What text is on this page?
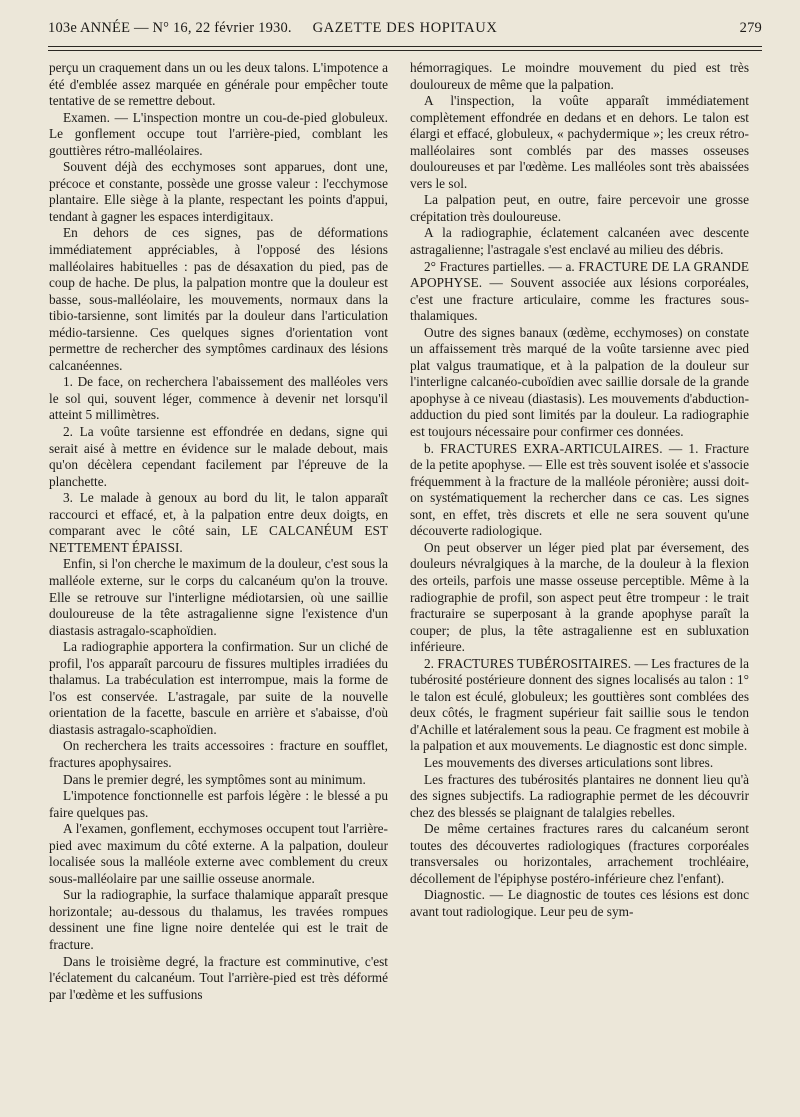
103e ANNÉE — N° 16, 22 février 1930.	GAZETTE DES HOPITAUX	279

perçu un craquement dans un ou les deux talons. L'impotence a été d'emblée assez marquée en générale pour empêcher toute tentative de se remettre debout.

Examen. — L'inspection montre un cou-de-pied globuleux. Le gonflement occupe tout l'arrière-pied, comblant les gouttières rétro-malléolaires.

Souvent déjà des ecchymoses sont apparues, dont une, précoce et constante, possède une grosse valeur : l'ecchymose plantaire. Elle siège à la plante, respectant les points d'appui, tendant à gagner les espaces interdigitaux.

En dehors de ces signes, pas de déformations immédiatement appréciables, à l'opposé des lésions malléolaires habituelles : pas de désaxation du pied, pas de coup de hache. De plus, la palpation montre que la douleur est basse, sous-malléolaire, les mouvements, normaux dans la tibio-tarsienne, sont limités par la douleur dans l'articulation médio-tarsienne. Ces quelques signes d'orientation vont permettre de rechercher des symptômes cardinaux des lésions calcanéennes.

1. De face, on recherchera l'abaissement des malléoles vers le sol qui, souvent léger, commence à devenir net lorsqu'il atteint 5 millimètres.

2. La voûte tarsienne est effondrée en dedans, signe qui serait aisé à mettre en évidence sur le malade debout, mais qu'on décèlera cependant facilement par l'épreuve de la planchette.

3. Le malade à genoux au bord du lit, le talon apparaît raccourci et effacé, et, à la palpation entre deux doigts, en comparant avec le côté sain, LE CALCANÉUM EST NETTEMENT ÉPAISSI.

Enfin, si l'on cherche le maximum de la douleur, c'est sous la malléole externe, sur le corps du calcanéum qu'on la trouve. Elle se retrouve sur l'interligne médiotarsien, où une saillie douloureuse de la tête astragalienne signe l'existence d'un diastasis astragalo-scaphoïdien.

La radiographie apportera la confirmation. Sur un cliché de profil, l'os apparaît parcouru de fissures multiples irradiées du thalamus. La trabéculation est interrompue, mais la forme de l'os est conservée. L'astragale, par suite de la nouvelle orientation de la facette, bascule en arrière et s'abaisse, d'où diastasis astragalo-scaphoïdien.

On recherchera les traits accessoires : fracture en soufflet, fractures apophysaires.

Dans le premier degré, les symptômes sont au minimum.

L'impotence fonctionnelle est parfois légère : le blessé a pu faire quelques pas.

A l'examen, gonflement, ecchymoses occupent tout l'arrière-pied avec maximum du côté externe. A la palpation, douleur localisée sous la malléole externe avec comblement du creux sous-malléolaire par une saillie osseuse anormale.

Sur la radiographie, la surface thalamique apparaît presque horizontale; au-dessous du thalamus, les travées rompues dessinent une fine ligne noire dentelée qui est le trait de fracture.

Dans le troisième degré, la fracture est comminutive, c'est l'éclatement du calcanéum. Tout l'arrière-pied est très déformé par l'œdème et les suffusions

hémorragiques. Le moindre mouvement du pied est très douloureux de même que la palpation.

A l'inspection, la voûte apparaît immédiatement complètement effondrée en dedans et en dehors. Le talon est élargi et effacé, globuleux, « pachydermique »; les creux rétro-malléolaires sont comblés par des masses osseuses douloureuses et par l'œdème. Les malléoles sont très abaissées vers le sol.

La palpation peut, en outre, faire percevoir une grosse crépitation très douloureuse.

A la radiographie, éclatement calcanéen avec descente astragalienne; l'astragale s'est enclavé au milieu des débris.

2° Fractures partielles. — a. FRACTURE DE LA GRANDE APOPHYSE. — Souvent associée aux lésions corporéales, c'est une fracture articulaire, comme les fractures sous-thalamiques.

Outre des signes banaux (œdème, ecchymoses) on constate un affaissement très marqué de la voûte tarsienne avec pied plat valgus traumatique, et à la palpation de la douleur sur l'interligne calcanéo-cuboïdien avec saillie dorsale de la grande apophyse à ce niveau (diastasis). Les mouvements d'abduction-adduction du pied sont limités par la douleur. La radiographie est toujours nécessaire pour confirmer ces données.

b. FRACTURES EXRA-ARTICULAIRES. — 1. Fracture de la petite apophyse. — Elle est très souvent isolée et s'associe fréquemment à la fracture de la malléole péronière; aussi doit-on systématiquement la rechercher dans ce cas. Les signes sont, en effet, très discrets et elle ne sera souvent qu'une découverte radiologique.

On peut observer un léger pied plat par éversement, des douleurs névralgiques à la marche, de la douleur à la flexion des orteils, parfois une masse osseuse perceptible. Même à la radiographie de profil, son aspect peut être trompeur : le trait fracturaire se superposant à la grande apophyse paraît la couper; de plus, la tête astragalienne est en subluxation inférieure.

2. FRACTURES TUBÉROSITAIRES. — Les fractures de la tubérosité postérieure donnent des signes localisés au talon : 1° le talon est éculé, globuleux; les gouttières sont comblées des deux côtés, le fragment supérieur fait saillie sous le tendon d'Achille et latéralement sous la peau. Ce fragment est mobile à la palpation et aux mouvements. Le diagnostic est donc simple.

Les mouvements des diverses articulations sont libres.

Les fractures des tubérosités plantaires ne donnent lieu qu'à des signes subjectifs. La radiographie permet de les découvrir chez des blessés se plaignant de talalgies rebelles.

De même certaines fractures rares du calcanéum seront toutes des découvertes radiologiques (fractures corporéales transversales ou horizontales, arrachement trochléaire, décollement de l'épiphyse postéro-inférieure chez l'enfant).

Diagnostic. — Le diagnostic de toutes ces lésions est donc avant tout radiologique. Leur peu de sym-
